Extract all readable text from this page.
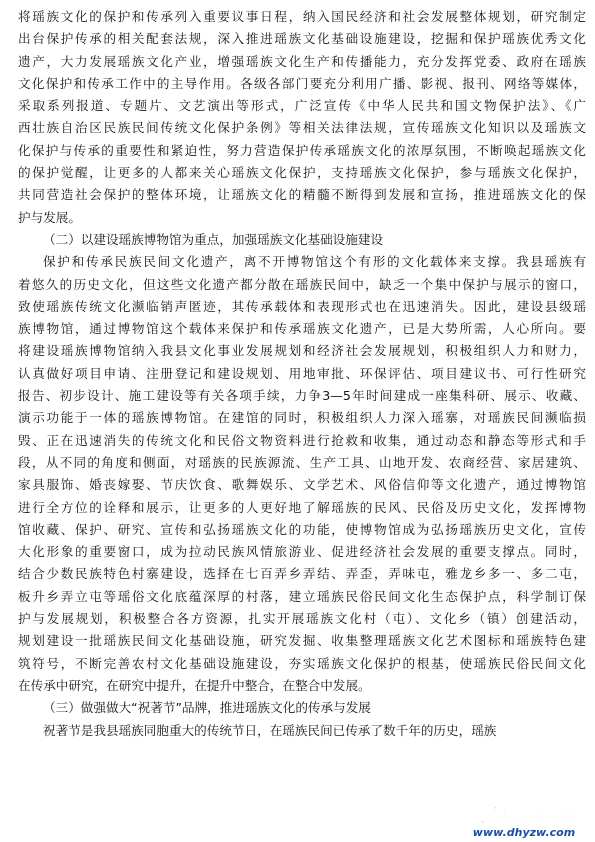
将瑶族文化的保护和传承列入重要议事日程，纳入国民经济和社会发展整体规划，研究制定
出台保护传承的相关配套法规，深入推进瑶族文化基础设施建设，挖掘和保护瑶族优秀文化
遗产，大力发展瑶族文化产业，增强瑶族文化生产和传播能力，充分发挥党委、政府在瑶族
文化保护和传承工作中的主导作用。各级各部门要充分利用广播、影视、报刊、网络等媒体，
采取系列报道、专题片、文艺演出等形式，广泛宣传《中华人民共和国文物保护法》、《广
西壮族自治区民族民间传统文化保护条例》等相关法律法规，宣传瑶族文化知识以及瑶族文
化保护与传承的重要性和紧迫性，努力营造保护传承瑶族文化的浓厚氛围，不断唤起瑶族文化
的保护觉醒，让更多的人都来关心瑶族文化保护，支持瑶族文化保护，参与瑶族文化保护，
共同营造社会保护的整体环境，让瑶族文化的精髓不断得到发展和宣扬，推进瑶族文化的保
护与发展。
（二）以建设瑶族博物馆为重点，加强瑶族文化基础设施建设
保护和传承民族民间文化遗产，离不开博物馆这个有形的文化载体来支撑。我县瑶族有
着悠久的历史文化，但这些文化遗产都分散在瑶族民间中，缺乏一个集中保护与展示的窗口，
致使瑶族传统文化濒临销声匿迹，其传承载体和表现形式也在迅速消失。因此，建设县级瑶
族博物馆，通过博物馆这个载体来保护和传承瑶族文化遗产，已是大势所需，人心所向。要
将建设瑶族博物馆纳入我县文化事业发展规划和经济社会发展规划，积极组织人力和财力，
认真做好项目申请、注册登记和建设规划、用地审批、环保评估、项目建议书、可行性研究
报告、初步设计、施工建设等有关各项手续，力争3—5年时间建成一座集科研、展示、收藏、
演示功能于一体的瑶族博物馆。在建馆的同时，积极组织人力深入瑶寨，对瑶族民间濒临损
毁、正在迅速消失的传统文化和民俗文物资料进行抢救和收集，通过动态和静态等形式和手
段，从不同的角度和侧面，对瑶族的民族源流、生产工具、山地开发、农商经营、家居建筑、
家具服饰、婚丧嫁娶、节庆饮食、歌舞娱乐、文学艺术、风俗信仰等文化遗产，通过博物馆
进行全方位的诠释和展示，让更多的人更好地了解瑶族的民风、民俗及历史文化，发挥博物
馆收藏、保护、研究、宣传和弘扬瑶族文化的功能，使博物馆成为弘扬瑶族历史文化，宣传
大化形象的重要窗口，成为拉动民族风情旅游业、促进经济社会发展的重要支撑点。同时，
结合少数民族特色村寨建设，选择在七百弄乡弄结、弄歪，弄味屯，雅龙乡多一、多二屯，
板升乡弄立屯等瑶俗文化底蕴深厚的村落，建立瑶族民俗民间文化生态保护点，科学制订保
护与发展规划，积极整合各方资源，扎实开展瑶族文化村（屯）、文化乡（镇）创建活动，
规划建设一批瑶族民间文化基础设施，研究发掘、收集整理瑶族文化艺术图标和瑶族特色建
筑符号，不断完善农村文化基础设施建设，夯实瑶族文化保护的根基，使瑶族民俗民间文化
在传承中研究，在研究中提升，在提升中整合，在整合中发展。
（三）做强做大“祝著节”品牌，推进瑶族文化的传承与发展
祝著节是我县瑶族同胞重大的传统节日，在瑶族民间已传承了数千年的历史，瑶族
大化瑶族网
www.dhyzw.com
